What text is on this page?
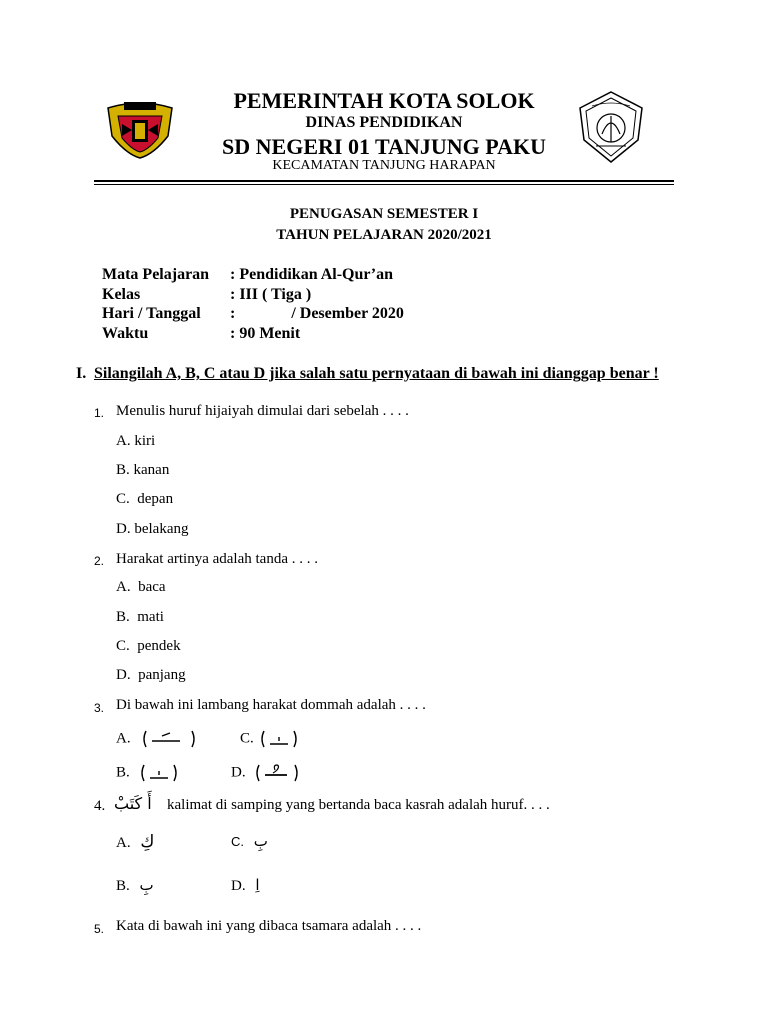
PEMERINTAH KOTA SOLOK
DINAS PENDIDIKAN
SD NEGERI 01 TANJUNG PAKU
KECAMATAN TANJUNG HARAPAN
PENUGASAN SEMESTER I
TAHUN PELAJARAN 2020/2021
Mata Pelajaran : Pendidikan Al-Qur’an
Kelas	: III ( Tiga )
Hari / Tanggal :              / Desember 2020
Waktu	: 90 Menit
I. Silangilah A, B, C atau D jika salah satu pernyataan di bawah ini dianggap benar !
1. Menulis huruf hijaiyah dimulai dari sebelah . . . .
A. kiri
B. kanan
C.  depan
D. belakang
2. Harakat artinya adalah tanda . . . .
A.  baca
B.  mati
C.  pendek
D.  panjang
3. Di bawah ini lambang harakat dommah adalah . . . .
A.	C.
B.	D.
4. أَ كَتَبْ kalimat di samping yang bertanda baca kasrah adalah huruf. . . .
A. كِ	C. بِ
B. بِ	D. اِ
5. Kata di bawah ini yang dibaca tsamara adalah . . . .
